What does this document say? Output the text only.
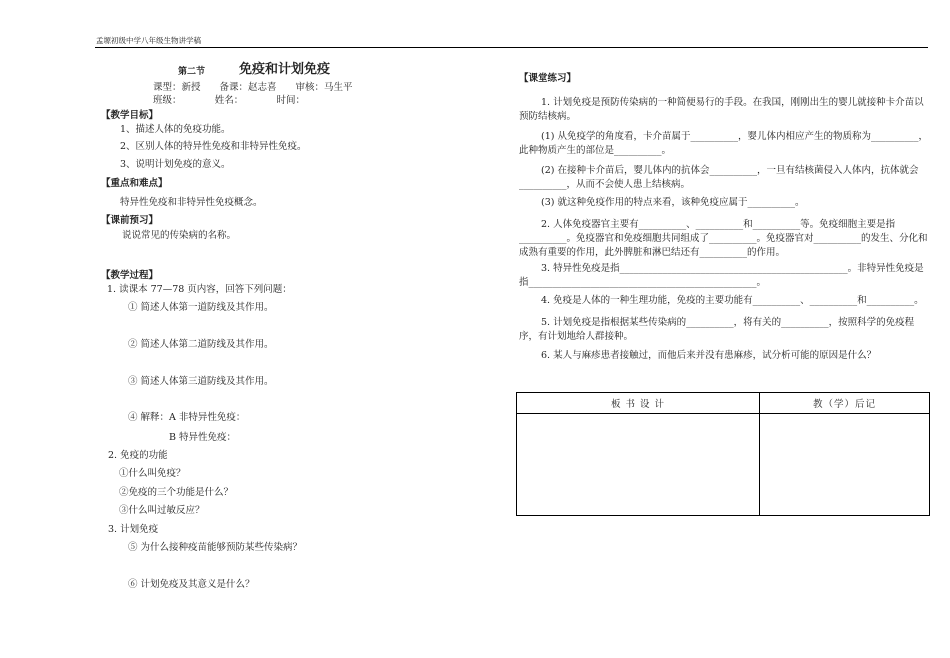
孟塬初级中学八年级生物讲学稿
第二节	免疫和计划免疫
课型：新授　　备课：赵志喜　　审核：马生平
班级：　　　　姓名：　　　　时间：
【教学目标】
1、描述人体的免疫功能。
2、区别人体的特异性免疫和非特异性免疫。
3、说明计划免疫的意义。
【重点和难点】
特异性免疫和非特异性免疫概念。
【课前预习】
说说常见的传染病的名称。
【教学过程】
1. 读课本 77—78 页内容，回答下列问题：
① 简述人体第一道防线及其作用。
② 简述人体第二道防线及其作用。
③ 简述人体第三道防线及其作用。
④ 解释：A 非特异性免疫：
B 特异性免疫：
2. 免疫的功能
①什么叫免疫？
②免疫的三个功能是什么？
③什么叫过敏反应？
3. 计划免疫
⑤ 为什么接种疫苗能够预防某些传染病？
⑥ 计划免疫及其意义是什么？
【课堂练习】
1. 计划免疫是预防传染病的一种简便易行的手段。在我国，刚刚出生的婴儿就接种卡介苗以预防结核病。
(1) 从免疫学的角度看，卡介苗属于__________，婴儿体内相应产生的物质称为__________，此种物质产生的部位是__________。
(2) 在接种卡介苗后，婴儿体内的抗体会__________，一旦有结核菌侵入人体内，抗体就会__________，从而不会使人患上结核病。
(3) 就这种免疫作用的特点来看，该种免疫应属于__________。
2. 人体免疫器官主要有__________、__________和__________等。免疫细胞主要是指__________。免疫器官和免疫细胞共同组成了__________。免疫器官对__________的发生、分化和成熟有重要的作用，此外脾脏和淋巴结还有__________的作用。
3. 特异性免疫是指________________________________________________。非特异性免疫是指________________________________________________。
4. 免疫是人体的一种生理功能，免疫的主要功能有__________、__________和__________。
5. 计划免疫是指根据某些传染病的__________，将有关的__________，按照科学的免疫程序，有计划地给人群接种。
6. 某人与麻疹患者接触过，而他后来并没有患麻疹，试分析可能的原因是什么？
板 书 设 计	教（学）后记
